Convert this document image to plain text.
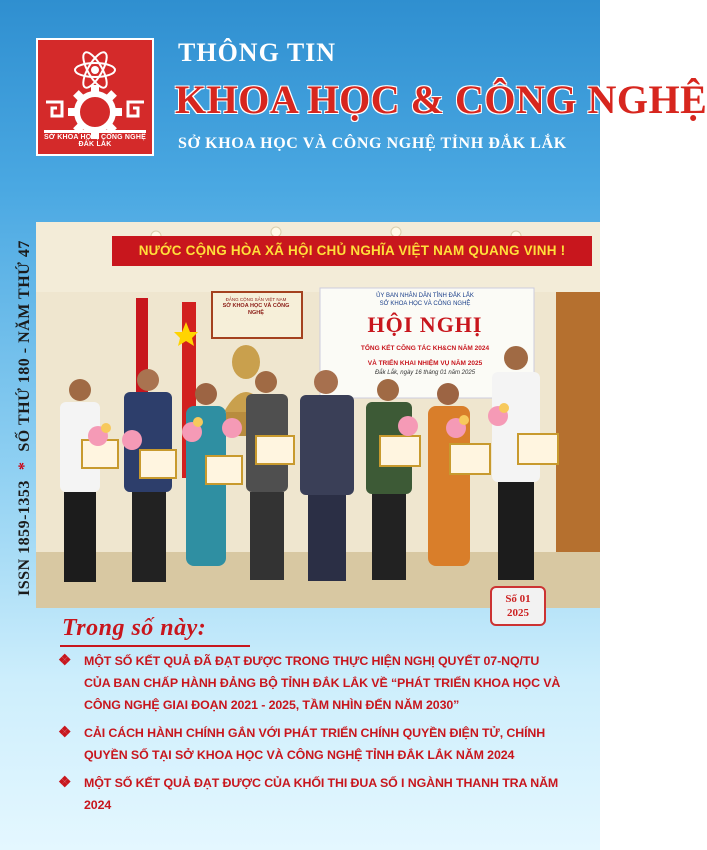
SỞ KHOA HỌC, CÔNG NGHỆ ĐẮK LẮK
THÔNG TIN
KHOA HỌC & CÔNG NGHỆ
SỞ KHOA HỌC VÀ CÔNG NGHỆ TỈNH ĐẮK LẮK
ISSN 1859-1353*SỐ THỨ 180 - NĂM THỨ 47	NƯỚC CỘNG HÒA XÃ HỘI CHỦ NGHĨA VIỆT NAM QUANG VINH !
ĐẢNG CỘNG SẢN VIỆT NAM
SỞ KHOA HỌC VÀ CÔNG NGHỆ
ỦY BAN NHÂN DÂN TỈNH ĐẮK LẮK
SỞ KHOA HỌC VÀ CÔNG NGHỆ
HỘI NGHỊ
TỔNG KẾT CÔNG TÁC KH&CN NĂM 2024
VÀ TRIỂN KHAI NHIỆM VỤ NĂM 2025
Đắk Lắk, ngày 16 tháng 01 năm 2025
Số 01
2025
Trong số này:
❖ MỘT SỐ KẾT QUẢ ĐÃ ĐẠT ĐƯỢC TRONG THỰC HIỆN NGHỊ QUYẾT 07-NQ/TU CỦA BAN CHẤP HÀNH ĐẢNG BỘ TỈNH ĐẮK LẮK VỀ “PHÁT TRIỂN KHOA HỌC VÀ CÔNG NGHỆ GIAI ĐOẠN 2021 - 2025, TẦM NHÌN ĐẾN NĂM 2030”
❖ CẢI CÁCH HÀNH CHÍNH GẮN VỚI PHÁT TRIỂN CHÍNH QUYỀN ĐIỆN TỬ, CHÍNH QUYỀN SỐ TẠI SỞ KHOA HỌC VÀ CÔNG NGHỆ TỈNH ĐẮK LẮK NĂM 2024
❖ MỘT SỐ KẾT QUẢ ĐẠT ĐƯỢC CỦA KHỐI THI ĐUA SỐ I NGÀNH THANH TRA NĂM 2024
